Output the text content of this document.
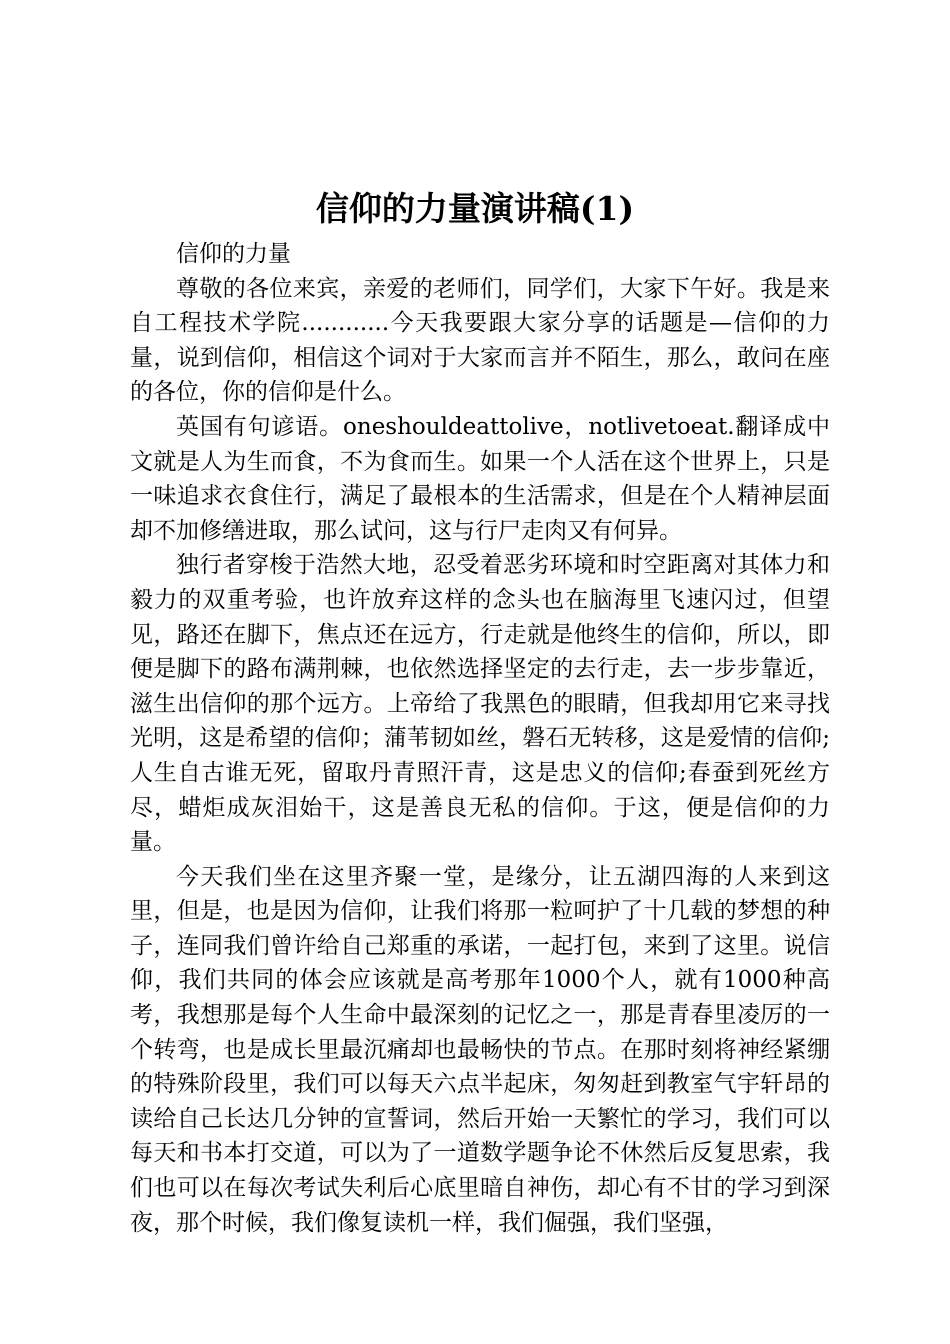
信仰的力量演讲稿(1)

信仰的力量

尊敬的各位来宾，亲爱的老师们，同学们，大家下午好。我是来自工程技术学院............今天我要跟大家分享的话题是—信仰的力量，说到信仰，相信这个词对于大家而言并不陌生，那么，敢问在座的各位，你的信仰是什么。

英国有句谚语。oneshouldeattolive，notlivetoeat.翻译成中文就是人为生而食，不为食而生。如果一个人活在这个世界上，只是一味追求衣食住行，满足了最根本的生活需求，但是在个人精神层面却不加修缮进取，那么试问，这与行尸走肉又有何异。

独行者穿梭于浩然大地，忍受着恶劣环境和时空距离对其体力和毅力的双重考验，也许放弃这样的念头也在脑海里飞速闪过，但望见，路还在脚下，焦点还在远方，行走就是他终生的信仰，所以，即便是脚下的路布满荆棘，也依然选择坚定的去行走，去一步步靠近，滋生出信仰的那个远方。上帝给了我黑色的眼睛，但我却用它来寻找光明，这是希望的信仰；蒲苇韧如丝，磐石无转移，这是爱情的信仰;人生自古谁无死，留取丹青照汗青，这是忠义的信仰;春蚕到死丝方尽，蜡炬成灰泪始干，这是善良无私的信仰。于这，便是信仰的力量。

今天我们坐在这里齐聚一堂，是缘分，让五湖四海的人来到这里，但是，也是因为信仰，让我们将那一粒呵护了十几载的梦想的种子，连同我们曾许给自己郑重的承诺，一起打包，来到了这里。说信仰，我们共同的体会应该就是高考那年1000个人，就有1000种高考，我想那是每个人生命中最深刻的记忆之一，那是青春里凌厉的一个转弯，也是成长里最沉痛却也最畅快的节点。在那时刻将神经紧绷的特殊阶段里，我们可以每天六点半起床，匆匆赶到教室气宇轩昂的读给自己长达几分钟的宣誓词，然后开始一天繁忙的学习，我们可以每天和书本打交道，可以为了一道数学题争论不休然后反复思索，我们也可以在每次考试失利后心底里暗自神伤，却心有不甘的学习到深夜，那个时候，我们像复读机一样，我们倔强，我们坚强，
